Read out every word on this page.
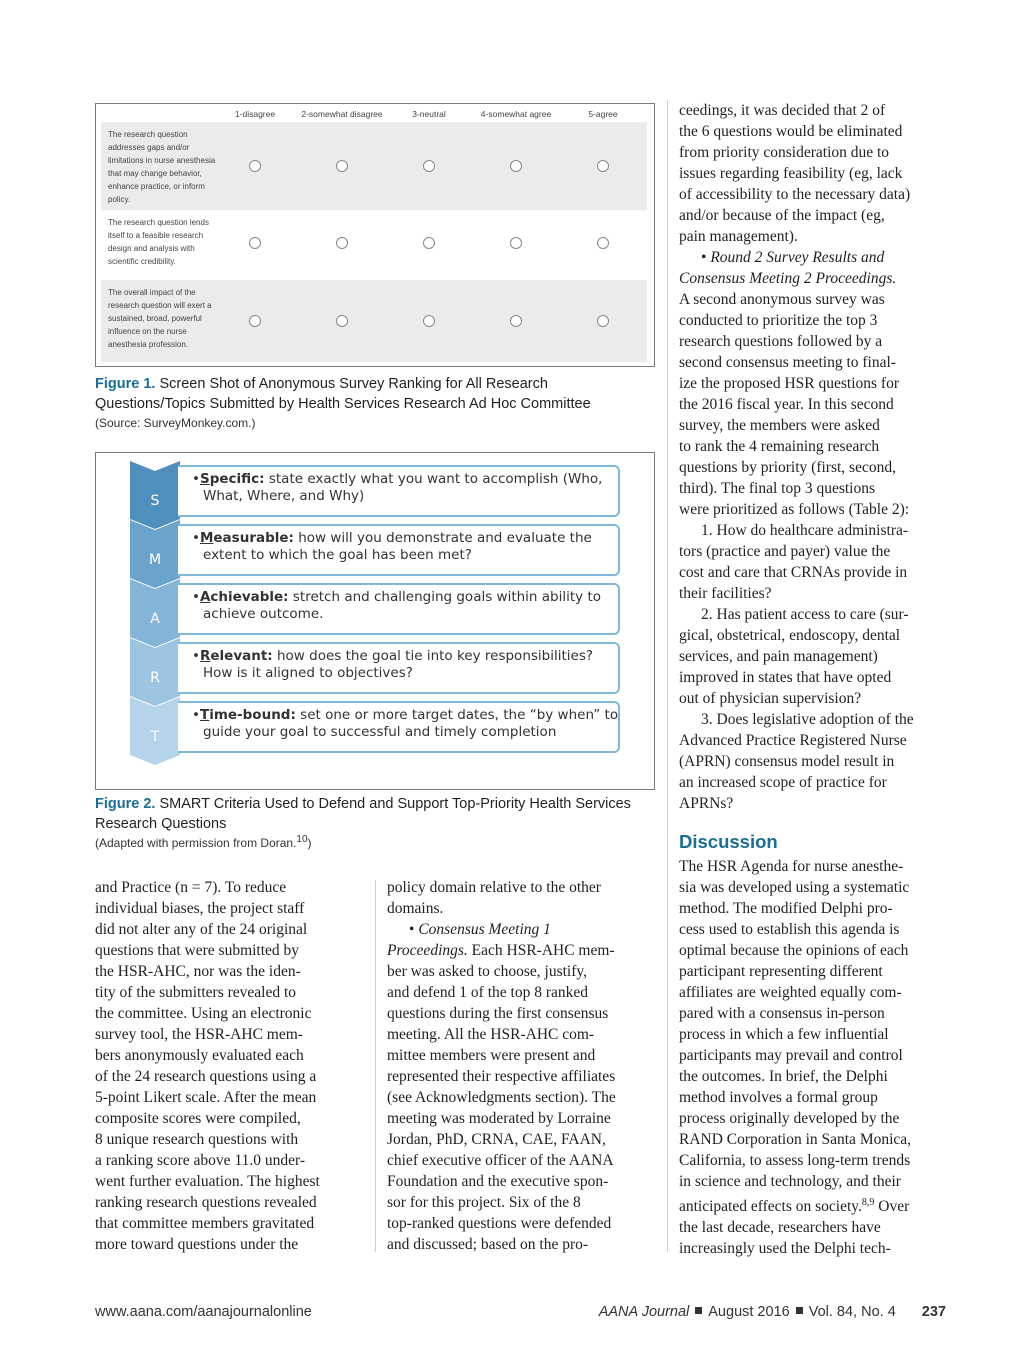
1-disagree	2-somewhat disagree	3-neutral	4-somewhat agree	5-agree
The research question addresses gaps and/or limitations in nurse anesthesia that may change behavior, enhance practice, or inform policy.
The research question lends itself to a feasible research design and analysis with scientific credibility.
The overall impact of the research question will exert a sustained, broad, powerful influence on the nurse anesthesia profession.
Figure 1. Screen Shot of Anonymous Survey Ranking for All Research Questions/Topics Submitted by Health Services Research Ad Hoc Committee
(Source: SurveyMonkey.com.)
S
•Specific: state exactly what you want to accomplish (Who,
What, Where, and Why)
M
•Measurable: how will you demonstrate and evaluate the
extent to which the goal has been met?
A
•Achievable: stretch and challenging goals within ability to
achieve outcome.
R
•Relevant: how does the goal tie into key responsibilities?
How is it aligned to objectives?
T
•Time-bound: set one or more target dates, the “by when” to
guide your goal to successful and timely completion
Figure 2. SMART Criteria Used to Defend and Support Top-Priority Health Services Research Questions
(Adapted with permission from Doran.$^{10}$)

and Practice (n = 7). To reduce
individual biases, the project staff
did not alter any of the 24 original
questions that were submitted by
the HSR-AHC, nor was the iden-
tity of the submitters revealed to
the committee. Using an electronic
survey tool, the HSR-AHC mem-
bers anonymously evaluated each
of the 24 research questions using a
5-point Likert scale. After the mean
composite scores were compiled,
8 unique research questions with
a ranking score above 11.0 under-
went further evaluation. The highest
ranking research questions revealed
that committee members gravitated
more toward questions under the

policy domain relative to the other
domains.

• Consensus Meeting 1
Proceedings. Each HSR-AHC mem-
ber was asked to choose, justify,
and defend 1 of the top 8 ranked
questions during the first consensus
meeting. All the HSR-AHC com-
mittee members were present and
represented their respective affiliates
(see Acknowledgments section). The
meeting was moderated by Lorraine
Jordan, PhD, CRNA, CAE, FAAN,
chief executive officer of the AANA
Foundation and the executive spon-
sor for this project. Six of the 8
top-ranked questions were defended
and discussed; based on the pro-

ceedings, it was decided that 2 of
the 6 questions would be eliminated
from priority consideration due to
issues regarding feasibility (eg, lack
of accessibility to the necessary data)
and/or because of the impact (eg,
pain management).

• Round 2 Survey Results and
Consensus Meeting 2 Proceedings.
A second anonymous survey was
conducted to prioritize the top 3
research questions followed by a
second consensus meeting to final-
ize the proposed HSR questions for
the 2016 fiscal year. In this second
survey, the members were asked
to rank the 4 remaining research
questions by priority (first, second,
third). The final top 3 questions
were prioritized as follows (Table 2):

1. How do healthcare administra-
tors (practice and payer) value the
cost and care that CRNAs provide in
their facilities?

2. Has patient access to care (sur-
gical, obstetrical, endoscopy, dental
services, and pain management)
improved in states that have opted
out of physician supervision?

3. Does legislative adoption of the
Advanced Practice Registered Nurse
(APRN) consensus model result in
an increased scope of practice for
APRNs?

Discussion

The HSR Agenda for nurse anesthe-
sia was developed using a systematic
method. The modified Delphi pro-
cess used to establish this agenda is
optimal because the opinions of each
participant representing different
affiliates are weighted equally com-
pared with a consensus in-person
process in which a few influential
participants may prevail and control
the outcomes. In brief, the Delphi
method involves a formal group
process originally developed by the
RAND Corporation in Santa Monica,
California, to assess long-term trends
in science and technology, and their
anticipated effects on society.$^{8,9}$ Over
the last decade, researchers have
increasingly used the Delphi tech-

www.aana.com/aanajournalonline	AANA Journal August 2016 Vol. 84, No. 4 237
